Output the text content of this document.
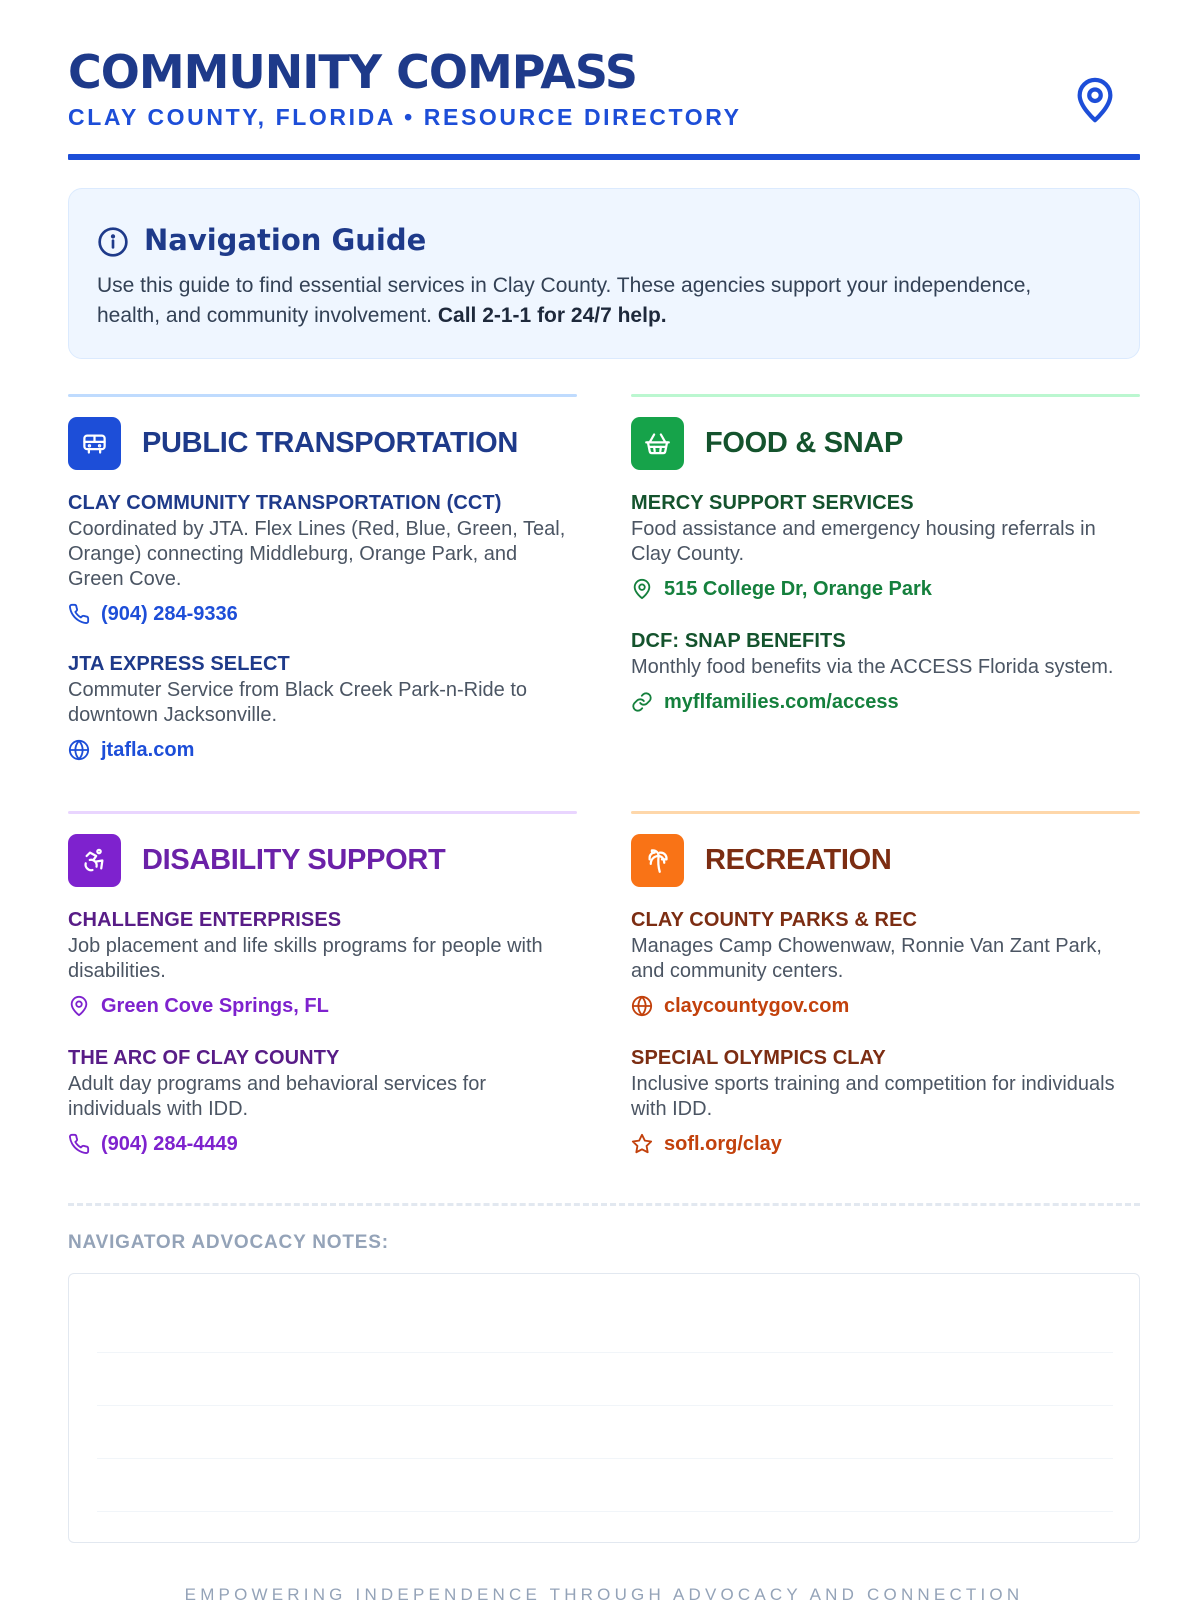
COMMUNITY COMPASS
CLAY COUNTY, FLORIDA • RESOURCE DIRECTORY
Navigation Guide
Use this guide to find essential services in Clay County. These agencies support your independence, health, and community involvement. Call 2-1-1 for 24/7 help.
PUBLIC TRANSPORTATION
CLAY COMMUNITY TRANSPORTATION (CCT)
Coordinated by JTA. Flex Lines (Red, Blue, Green, Teal, Orange) connecting Middleburg, Orange Park, and Green Cove.
(904) 284-9336
JTA EXPRESS SELECT
Commuter Service from Black Creek Park-n-Ride to downtown Jacksonville.
jtafla.com
FOOD & SNAP
MERCY SUPPORT SERVICES
Food assistance and emergency housing referrals in Clay County.
515 College Dr, Orange Park
DCF: SNAP BENEFITS
Monthly food benefits via the ACCESS Florida system.
myflfamilies.com/access
DISABILITY SUPPORT
CHALLENGE ENTERPRISES
Job placement and life skills programs for people with disabilities.
Green Cove Springs, FL
THE ARC OF CLAY COUNTY
Adult day programs and behavioral services for individuals with IDD.
(904) 284-4449
RECREATION
CLAY COUNTY PARKS & REC
Manages Camp Chowenwaw, Ronnie Van Zant Park, and community centers.
claycountygov.com
SPECIAL OLYMPICS CLAY
Inclusive sports training and competition for individuals with IDD.
sofl.org/clay
NAVIGATOR ADVOCACY NOTES:
EMPOWERING INDEPENDENCE THROUGH ADVOCACY AND CONNECTION
